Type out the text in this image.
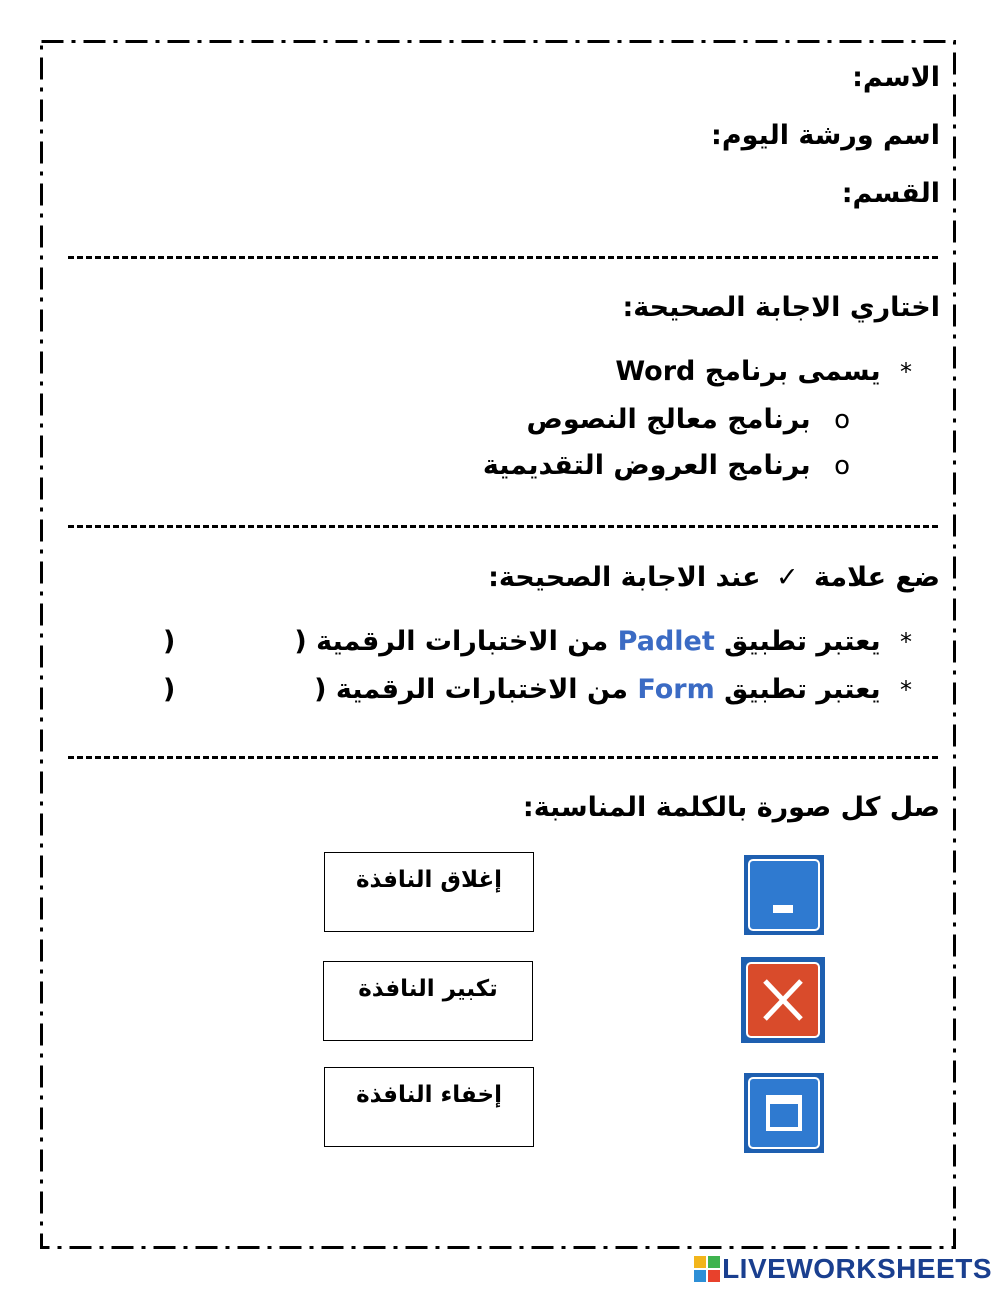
الاسم:
اسم ورشة اليوم:
القسم:
اختاري الاجابة الصحيحة:
* يسمى برنامج Word
o برنامج معالج النصوص
o برنامج العروض التقديمية
ضع علامة ✓ عند الاجابة الصحيحة:
* يعتبر تطبيق Padlet من الاختبارات الرقمية (
)
* يعتبر تطبيق Form من الاختبارات الرقمية (
)
صل كل صورة بالكلمة المناسبة:
إغلاق النافذة
تكبير النافذة
إخفاء النافذة
LIVEWORKSHEETS
